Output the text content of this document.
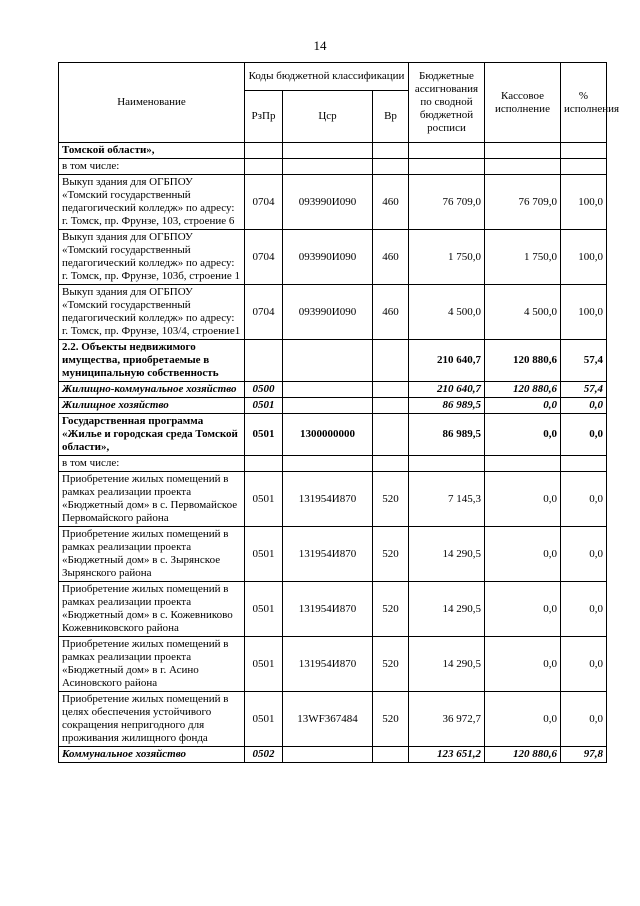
14
Наименование	Коды бюджетной классификации			Бюджетные ассигнования по сводной бюджетной росписи	Кассовое исполнение	% исполнения
	РзПр	Цср	Вр			
Томской области»,						
в том числе:						
Выкуп здания для ОГБПОУ «Томский государственный педагогический колледж» по адресу: г. Томск, пр. Фрунзе, 103, строение 6	0704	093990И090	460	76 709,0	76 709,0	100,0
Выкуп здания для ОГБПОУ «Томский государственный педагогический колледж» по адресу: г. Томск, пр. Фрунзе, 103б, строение 1	0704	093990И090	460	1 750,0	1 750,0	100,0
Выкуп здания для ОГБПОУ «Томский государственный педагогический колледж» по адресу: г. Томск, пр. Фрунзе, 103/4, строение1	0704	093990И090	460	4 500,0	4 500,0	100,0
2.2. Объекты недвижимого имущества, приобретаемые в муниципальную собственность				210 640,7	120 880,6	57,4
Жилищно-коммунальное хозяйство	0500			210 640,7	120 880,6	57,4
Жилищное хозяйство	0501			86 989,5	0,0	0,0
Государственная программа «Жилье и городская среда Томской области»,	0501	1300000000		86 989,5	0,0	0,0
в том числе:						
Приобретение жилых помещений в рамках реализации проекта «Бюджетный дом» в с. Первомайское Первомайского района	0501	131954И870	520	7 145,3	0,0	0,0
Приобретение жилых помещений в рамках реализации проекта «Бюджетный дом» в с. Зырянское Зырянского района	0501	131954И870	520	14 290,5	0,0	0,0
Приобретение жилых помещений в рамках реализации проекта «Бюджетный дом» в с. Кожевниково Кожевниковского района	0501	131954И870	520	14 290,5	0,0	0,0
Приобретение жилых помещений в рамках реализации проекта «Бюджетный дом» в г. Асино Асиновского района	0501	131954И870	520	14 290,5	0,0	0,0
Приобретение жилых помещений в целях обеспечения устойчивого сокращения непригодного для проживания жилищного фонда	0501	13WF367484	520	36 972,7	0,0	0,0
Коммунальное хозяйство	0502			123 651,2	120 880,6	97,8
